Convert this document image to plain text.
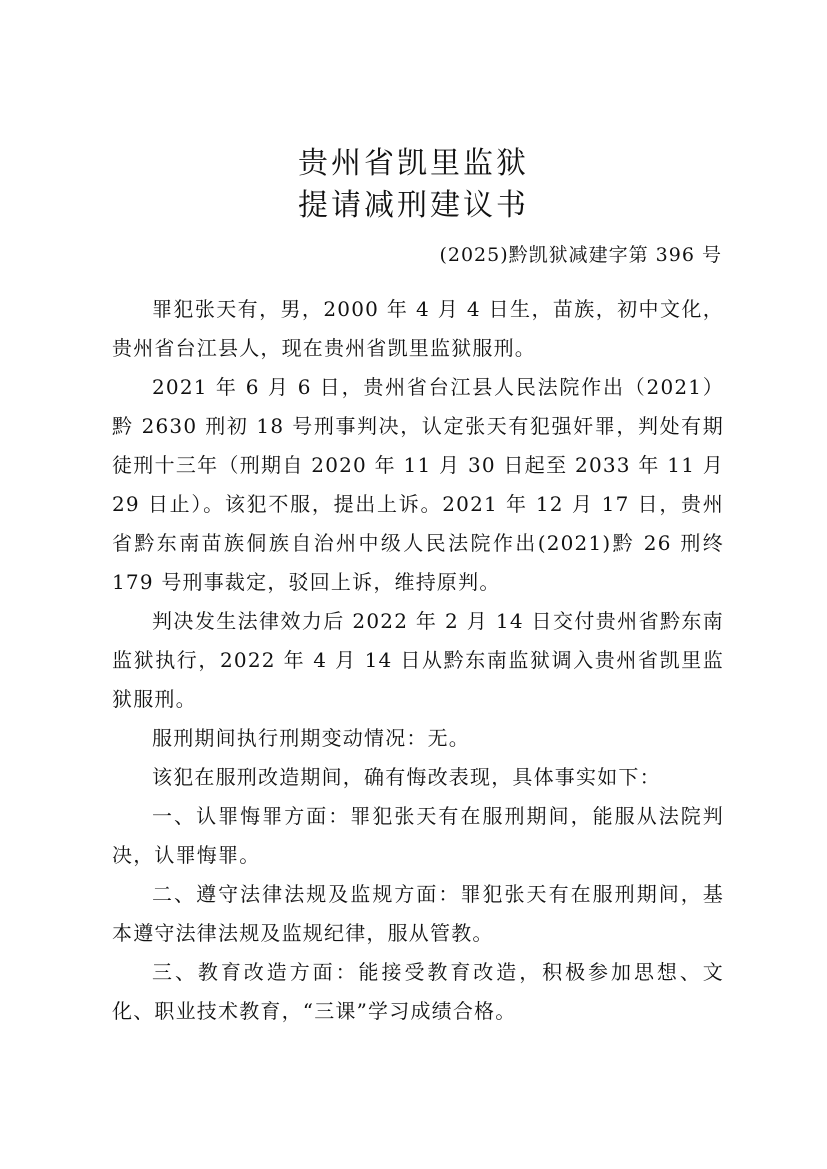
贵州省凯里监狱
提请减刑建议书
(2025)黔凯狱减建字第 396 号

罪犯张天有，男，2000 年 4 月 4 日生，苗族，初中文化，贵州省台江县人，现在贵州省凯里监狱服刑。

2021 年 6 月 6 日，贵州省台江县人民法院作出（2021）黔 2630 刑初 18 号刑事判决，认定张天有犯强奸罪，判处有期徒刑十三年（刑期自 2020 年 11 月 30 日起至 2033 年 11 月 29 日止）。该犯不服，提出上诉。2021 年 12 月 17 日，贵州省黔东南苗族侗族自治州中级人民法院作出(2021)黔 26 刑终 179 号刑事裁定，驳回上诉，维持原判。

判决发生法律效力后 2022 年 2 月 14 日交付贵州省黔东南监狱执行，2022 年 4 月 14 日从黔东南监狱调入贵州省凯里监狱服刑。

服刑期间执行刑期变动情况：无。

该犯在服刑改造期间，确有悔改表现，具体事实如下：

一、认罪悔罪方面：罪犯张天有在服刑期间，能服从法院判决，认罪悔罪。

二、遵守法律法规及监规方面：罪犯张天有在服刑期间，基本遵守法律法规及监规纪律，服从管教。

三、教育改造方面：能接受教育改造，积极参加思想、文化、职业技术教育，“三课”学习成绩合格。
